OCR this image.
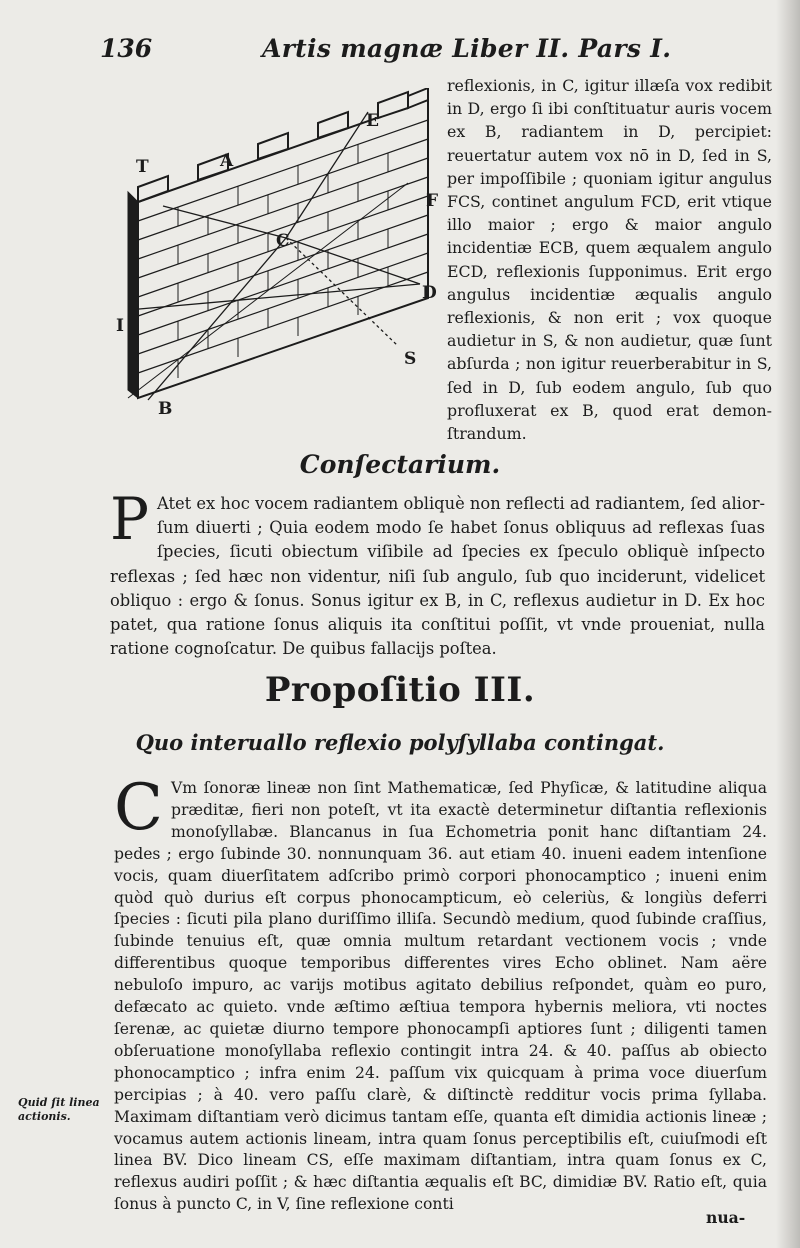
136	Artis magnæ Liber II. Pars I.
T	A
E
F
C
D
I
S
B

reflexionis, in C, igitur illæſa vox redibit in D, ergo ſi ibi conſtituatur auris vocem ex B, radiantem in D, percipiet: reuertatur autem vox nō in D, ſed in S, per impoſſibile ; quoniam igitur angulus FCS, continet angulum FCD, erit vtique illo maior ; ergo & maior angulo incidentiæ ECB, quem æqualem angulo ECD, reflexionis ſupponimus. Erit ergo angulus incidentiæ æqualis angulo reflexionis, & non erit ; vox quoque audietur in S, & non audietur, quæ ſunt abſurda ; non igitur reuerberabitur in S, ſed in D, ſub eodem angulo, ſub quo profluxerat ex B, quod erat demonſtrandum.

Conſectarium.
P Atet ex hoc vocem radiantem obliquè non reflecti ad radiantem, ſed aliorſum diuerti ; Quia eodem modo ſe habet ſonus obliquus ad reflexas ſuas ſpecies, ſicuti obiectum viſibile ad ſpecies ex ſpeculo obliquè inſpecto reflexas ; ſed hæc non videntur, niſi ſub angulo, ſub quo inciderunt, videlicet obliquo : ergo & ſonus. Sonus igitur ex B, in C, reflexus audietur in D. Ex hoc patet, qua ratione ſonus aliquis ita conſtitui poſſit, vt vnde proueniat, nulla ratione cognoſcatur. De quibus fallacijs poſtea.

Propoſitio III.
Quo interuallo reflexio polyſyllaba contingat.
C Vm ſonoræ lineæ non ſint Mathematicæ, ſed Phyſicæ, & latitudine aliqua præditæ, fieri non poteſt, vt ita exactè determinetur diſtantia reflexionis monoſyllabæ. Blancanus in ſua Echometria ponit hanc diſtantiam 24. pedes ; ergo ſubinde 30. nonnunquam 36. aut etiam 40. inueni eadem intenſione vocis, quam diuerſitatem adſcribo primò corpori phonocamptico ; inueni enim quòd quò durius eſt corpus phonocampticum, eò celeriùs, & longiùs deferri ſpecies : ſicuti pila plano duriſſimo illiſa. Secundò medium, quod ſubinde craſſius, ſubinde tenuius eſt, quæ omnia multum retardant vectionem vocis ; vnde differentibus quoque temporibus differentes vires Echo oblinet. Nam aëre nebuloſo impuro, ac varijs motibus agitato debilius reſpondet, quàm eo puro, defæcato ac quieto. vnde æſtimo æſtiua tempora hybernis meliora, vti noctes ſerenæ, ac quietæ diurno tempore phonocampſi aptiores ſunt ; diligenti tamen obſeruatione monoſyllaba reflexio contingit intra 24. & 40. paſſus ab obiecto phonocamptico ; infra enim 24. paſſum vix quicquam à prima voce diuerſum percipias ; à 40. vero paſſu clarè, & diſtinctè redditur vocis prima ſyllaba. Maximam diſtantiam verò dicimus tantam eſſe, quanta eſt dimidia actionis lineæ ; vocamus autem actionis lineam, intra quam ſonus perceptibilis eſt, cuiuſmodi eſt linea BV. Dico lineam CS, eſſe maximam diſtantiam, intra quam ſonus ex C, reflexus audiri poſſit ; & hæc diſtantia æqualis eſt BC, dimidiæ BV. Ratio eſt, quia ſonus à puncto C, in V, ſine reflexione conti

Quid ſit linea actionis.
nua-
